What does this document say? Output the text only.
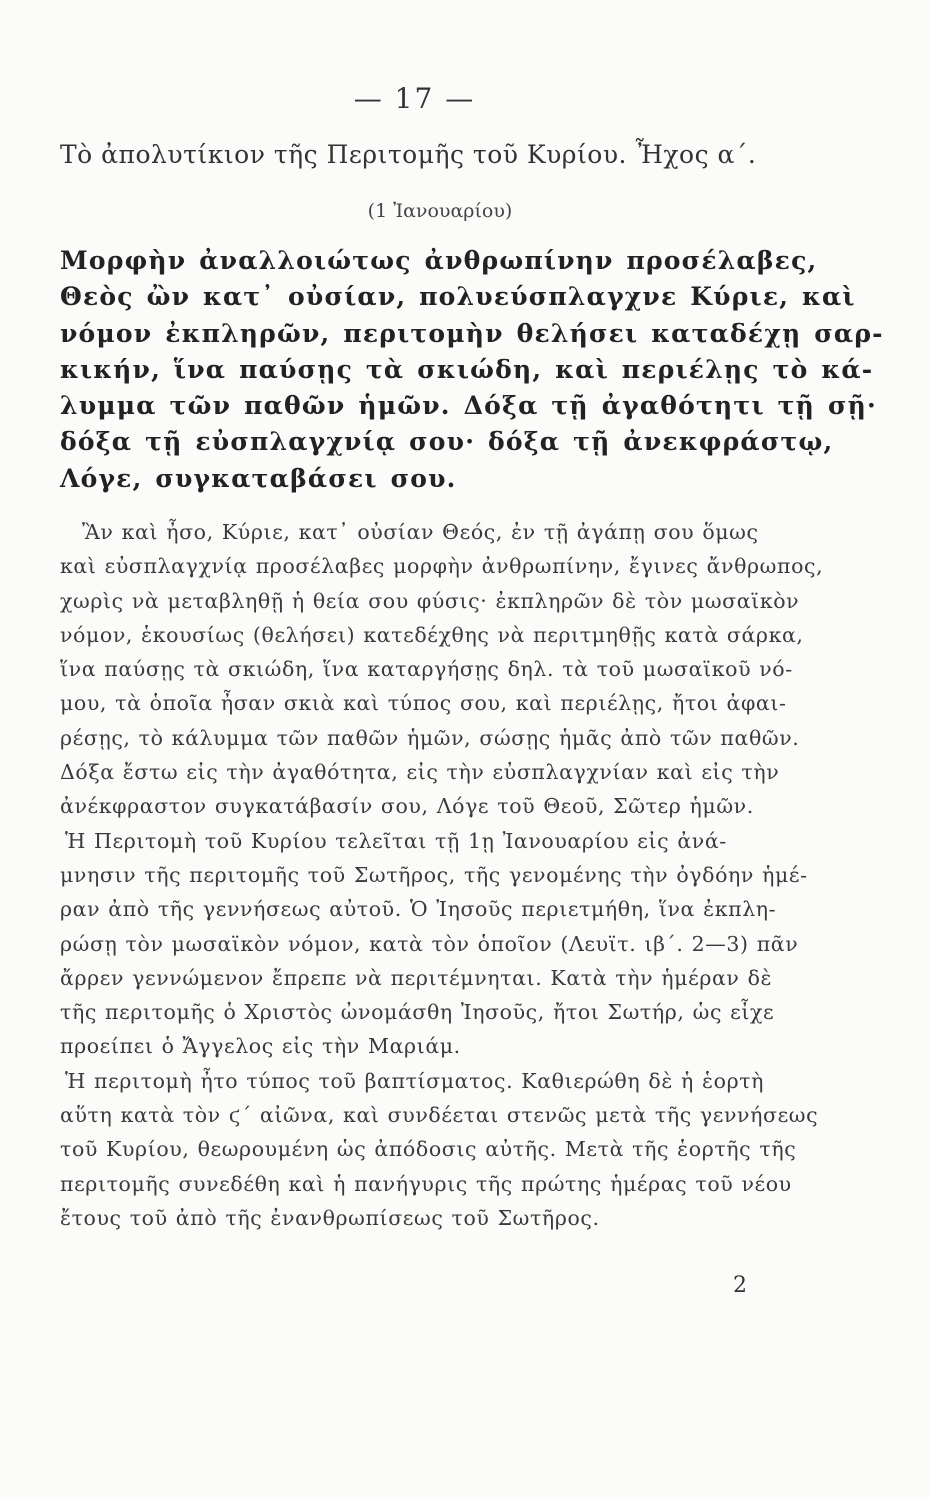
— 17 —
Τὸ ἀπολυτίκιον τῆς Περιτομῆς τοῦ Κυρίου. Ἦχος α΄.
(1 Ἰανουαρίου)
Μορφὴν ἀναλλοιώτως ἀνθρωπίνην προσέλαβες,
Θεὸς ὢν κατ᾽ οὐσίαν, πολυεύσπλαγχνε Κύριε, καὶ
νόμον ἐκπληρῶν, περιτομὴν θελήσει καταδέχῃ σαρ-
κικήν, ἵνα παύσῃς τὰ σκιώδη, καὶ περιέλῃς τὸ κά-
λυμμα τῶν παθῶν ἡμῶν. Δόξα τῇ ἀγαθότητι τῇ σῇ·
δόξα τῇ εὐσπλαγχνίᾳ σου· δόξα τῇ ἀνεκφράστῳ,
Λόγε, συγκαταβάσει σου.
Ἂν καὶ ἦσο, Κύριε, κατ᾽ οὐσίαν Θεός, ἐν τῇ ἀγάπῃ σου ὅμως
καὶ εὐσπλαγχνίᾳ προσέλαβες μορφὴν ἀνθρωπίνην, ἔγινες ἄνθρωπος,
χωρὶς νὰ μεταβληθῇ ἡ θεία σου φύσις· ἐκπληρῶν δὲ τὸν μωσαϊκὸν
νόμον, ἑκουσίως (θελήσει) κατεδέχθης νὰ περιτμηθῇς κατὰ σάρκα,
ἵνα παύσῃς τὰ σκιώδη, ἵνα καταργήσῃς δηλ. τὰ τοῦ μωσαϊκοῦ νό-
μου, τὰ ὁποῖα ἦσαν σκιὰ καὶ τύπος σου, καὶ περιέλῃς, ἤτοι ἀφαι-
ρέσῃς, τὸ κάλυμμα τῶν παθῶν ἡμῶν, σώσῃς ἡμᾶς ἀπὸ τῶν παθῶν.
Δόξα ἔστω εἰς τὴν ἀγαθότητα, εἰς τὴν εὐσπλαγχνίαν καὶ εἰς τὴν
ἀνέκφραστον συγκατάβασίν σου, Λόγε τοῦ Θεοῦ, Σῶτερ ἡμῶν.
Ἡ Περιτομὴ τοῦ Κυρίου τελεῖται τῇ 1ῃ Ἰανουαρίου εἰς ἀνά-
μνησιν τῆς περιτομῆς τοῦ Σωτῆρος, τῆς γενομένης τὴν ὀγδόην ἡμέ-
ραν ἀπὸ τῆς γεννήσεως αὐτοῦ. Ὁ Ἰησοῦς περιετμήθη, ἵνα ἐκπλη-
ρώσῃ τὸν μωσαϊκὸν νόμον, κατὰ τὸν ὁποῖον (Λευϊτ. ιβ΄. 2—3) πᾶν
ἄρρεν γεννώμενον ἔπρεπε νὰ περιτέμνηται. Κατὰ τὴν ἡμέραν δὲ
τῆς περιτομῆς ὁ Χριστὸς ὠνομάσθη Ἰησοῦς, ἤτοι Σωτήρ, ὡς εἶχε
προείπει ὁ Ἄγγελος εἰς τὴν Μαριάμ.
Ἡ περιτομὴ ἦτο τύπος τοῦ βαπτίσματος. Καθιερώθη δὲ ἡ ἑορτὴ
αὕτη κατὰ τὸν ϛ΄ αἰῶνα, καὶ συνδέεται στενῶς μετὰ τῆς γεννήσεως
τοῦ Κυρίου, θεωρουμένη ὡς ἀπόδοσις αὐτῆς. Μετὰ τῆς ἑορτῆς τῆς
περιτομῆς συνεδέθη καὶ ἡ πανήγυρις τῆς πρώτης ἡμέρας τοῦ νέου
ἔτους τοῦ ἀπὸ τῆς ἐνανθρωπίσεως τοῦ Σωτῆρος.
2
